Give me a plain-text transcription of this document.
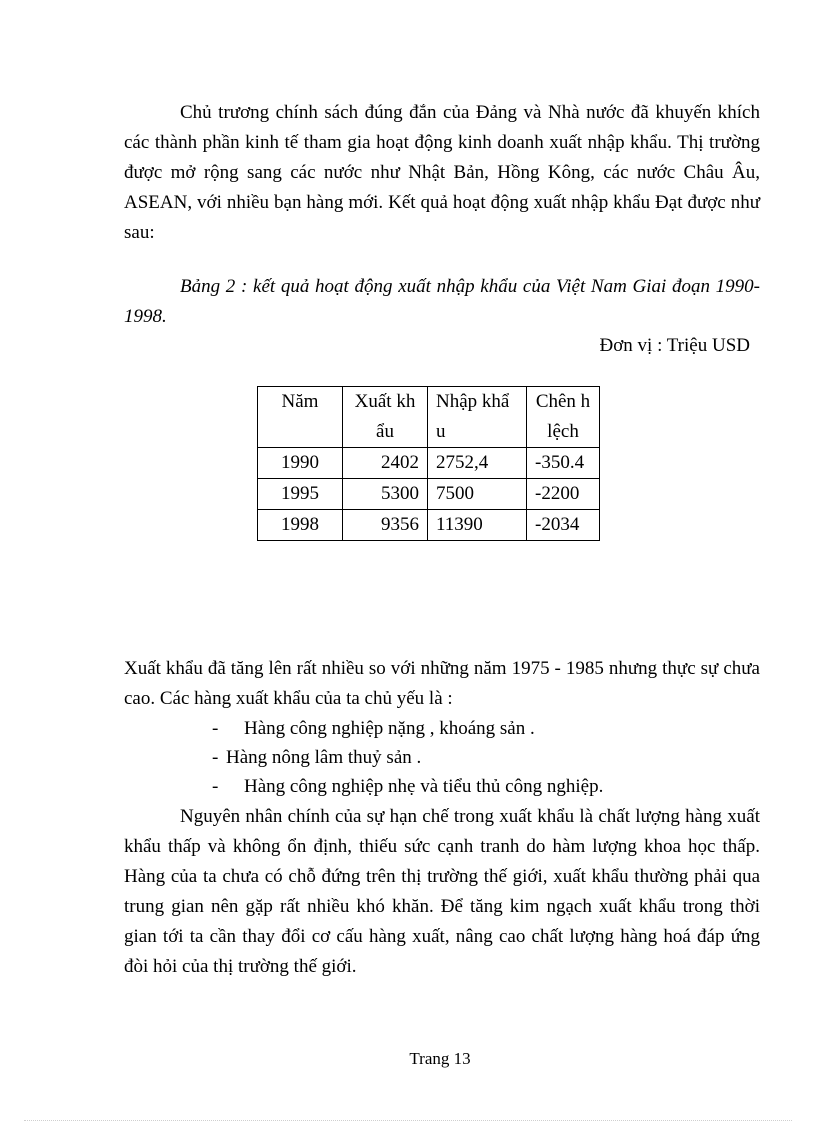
Chủ trương chính sách đúng đắn của Đảng và Nhà nước đã khuyến khích các thành phần kinh tế tham gia hoạt động kinh doanh xuất nhập khẩu. Thị trường được mở rộng sang các nước như Nhật Bản, Hồng Kông, các nước Châu Âu, ASEAN, với nhiều bạn hàng mới. Kết quả hoạt động xuất nhập khẩu Đạt được như sau:

Bảng 2 : kết quả hoạt động xuất nhập khẩu của Việt Nam Giai đoạn 1990- 1998.

Đơn vị : Triệu USD
Năm	Xuất khẩu	Nhập khẩu	Chên h lệch

1990	2402	2752,4	-350.4

1995	5300	7500	-2200

1998	9356	11390	-2034

Xuất khẩu đã tăng lên rất nhiều so với những năm 1975 - 1985 nhưng thực sự chưa cao. Các hàng xuất khẩu của ta chủ yếu là :

- Hàng công nghiệp nặng , khoáng sản .
- Hàng nông lâm thuỷ sản .
- Hàng công nghiệp nhẹ và tiểu thủ công nghiệp.

Nguyên nhân chính của sự hạn chế trong xuất khẩu là chất lượng hàng xuất khẩu thấp và không ổn định, thiếu sức cạnh tranh do hàm lượng khoa học thấp. Hàng của ta chưa có chỗ đứng trên thị trường thế giới, xuất khẩu thường phải qua trung gian nên gặp rất nhiều khó khăn. Để tăng kim ngạch xuất khẩu trong thời gian tới ta cần thay đổi cơ cấu hàng xuất, nâng cao chất lượng hàng hoá đáp ứng đòi hỏi của thị trường thế giới.

Trang 13
